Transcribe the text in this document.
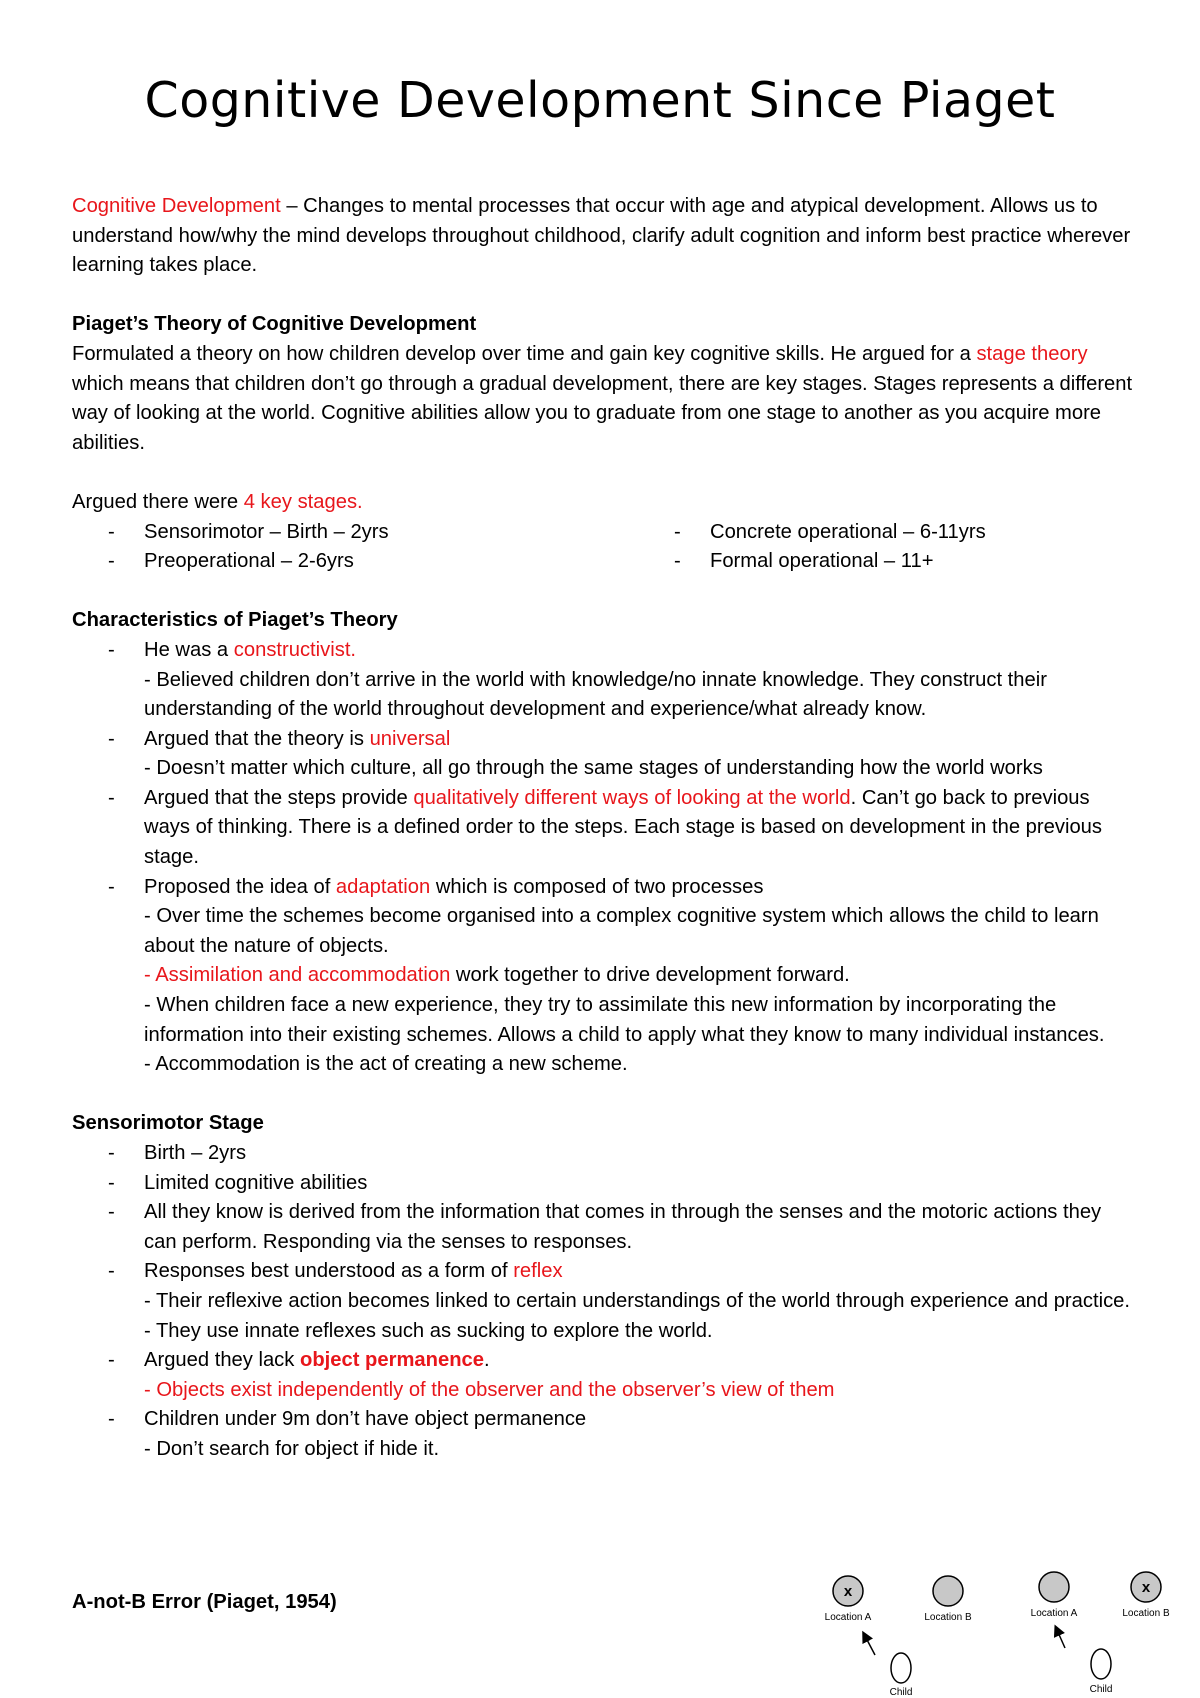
Cognitive Development Since Piaget

Cognitive Development – Changes to mental processes that occur with age and atypical development. Allows us to understand how/why the mind develops throughout childhood, clarify adult cognition and inform best practice wherever learning takes place.

Piaget’s Theory of Cognitive Development

Formulated a theory on how children develop over time and gain key cognitive skills. He argued for a stage theory which means that children don’t go through a gradual development, there are key stages. Stages represents a different way of looking at the world. Cognitive abilities allow you to graduate from one stage to another as you acquire more abilities.

Argued there were 4 key stages.

- Sensorimotor – Birth – 2yrs
- Preoperational – 2-6yrs
- Concrete operational – 6-11yrs
- Formal operational – 11+

Characteristics of Piaget’s Theory

- He was a constructivist.
- Believed children don’t arrive in the world with knowledge/no innate knowledge. They construct their understanding of the world throughout development and experience/what already know.
- Argued that the theory is universal
- Doesn’t matter which culture, all go through the same stages of understanding how the world works
- Argued that the steps provide qualitatively different ways of looking at the world. Can’t go back to previous ways of thinking. There is a defined order to the steps. Each stage is based on development in the previous stage.
- Proposed the idea of adaptation which is composed of two processes
- Over time the schemes become organised into a complex cognitive system which allows the child to learn about the nature of objects.
- Assimilation and accommodation work together to drive development forward.
- When children face a new experience, they try to assimilate this new information by incorporating the information into their existing schemes. Allows a child to apply what they know to many individual instances.
- Accommodation is the act of creating a new scheme.

Sensorimotor Stage

- Birth – 2yrs
- Limited cognitive abilities
- All they know is derived from the information that comes in through the senses and the motoric actions they can perform. Responding via the senses to responses.
- Responses best understood as a form of reflex
- Their reflexive action becomes linked to certain understandings of the world through experience and practice.
- They use innate reflexes such as sucking to explore the world.
- Argued they lack object permanence.
- Objects exist independently of the observer and the observer’s view of them
- Children under 9m don’t have object permanence
- Don’t search for object if hide it.
A-not-B Error (Piaget, 1954)	x
Location A	Location B
Child
Location A
x
Location B
Child
